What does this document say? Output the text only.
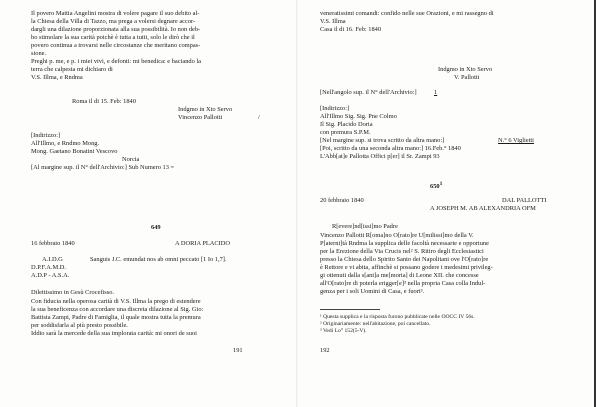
Il povero Mattia Angelini mostra di volere pagare il suo debito al-
la Chiesa della Villa di Tazzo, ma prega a volersi degnare accor-
dargli una dilazione proporzionata alla sua possibilità. Io non deb-
bo stimolare la sua carità poichè è tutta a tutti, solo le dirò che il
povero continua a trovarsi nelle circostanze che meritano compas-
sione.
Preghi p. me, e p. i miei vivi, e defonti: mi benedica: e baciando la
terra che calpesta mi dichiaro di
V.S. Illma, e Rndma
Roma il di 15. Feb: 1840
Indgmo in Xto Servo
Vincenzo Pallotti	/
[Indirizzo:]
All'Illmo, e Rndmo Mong.
Mong. Gaetano Bonatini Vescovo
Norcia
[Al margine sup. il N° dell'Archivio:] Sub Numero 13 =
649
16 febbraio 1840	A DORIA PLACIDO
A.I.D.G	Sanguis J.C. emundat nos ab omni peccato [1 Io 1,7].
D.P.F.A.M.D.
A.D.P - A.S.A.
Dilettissimo in Gesù Crocefisso.
Con fiducia nella operosa carità di V.S. Illma la prego di estendere
la sua beneficenza con accordare una discreta dilazione al Sig. Gio:
Battista Zampi, Padre di Famiglia, il quale mostra tutta la premura
per soddisfarla al più presto possibile.
Iddio sarà la mercede della sua implorata carità: mi onori de suoi
191
veneratissimi comandi: confido nelle sue Orazioni, e mi rassegno di
V.S. Illma
Casa il di 16. Feb: 1840
Indgmo in Xto Servo
V. Pallotti
[Nell'angolo sup. il N° dell'Archivio:]	1
[Indirizzo:]
All'Illmo Sig. Sig. Pne Colmo
Il Sig. Placido Doria
con premura S.P.M.
[Nel margine sup. si trova scritto da altra mano:]	N.° 6 Viglietti
[Poi, scritto da una seconda altra mano:] 16.Feb.° 1840
L'Abb[at]e Pallotta Offici p[er] il Sr. Zampi 93
$650^1$
20 febbraio 1840	DAL PALLOTTI
A JOSEPH M. AB ALEXANDRIA OFM
R[evere]nd[issi]mo Padre
Vincenzo Pallotti R[oma]no O[rato]re U[milissi]mo della V.
P[aterni]tà Rndma la supplica delle facoltà necessarie e opportune
per la Erezione della Via Crucis nel² S. Ritiro degli Ecclesiastici
presso la Chiesa dello Spirito Santo dei Napolitani ove l'O[rato]re
è Rettore e vi abita, affinchè si possano godere i medesimi privileg-
gi ottenuti dalla s[ant]a me[moria] di Leone XII. che concesse
all'O[rato]re di poterla erigger[e]³ nella propria Casa colla Indul-
genza per i soli Uomini di Casa, e fuori³.
¹ Questa supplica e la risposta furono pubblicate nelle OOCC IV 56s.
² Originariamente: nell'abitazione, poi cancellato.
³ Vedi Lo° 152(5-V).
192
